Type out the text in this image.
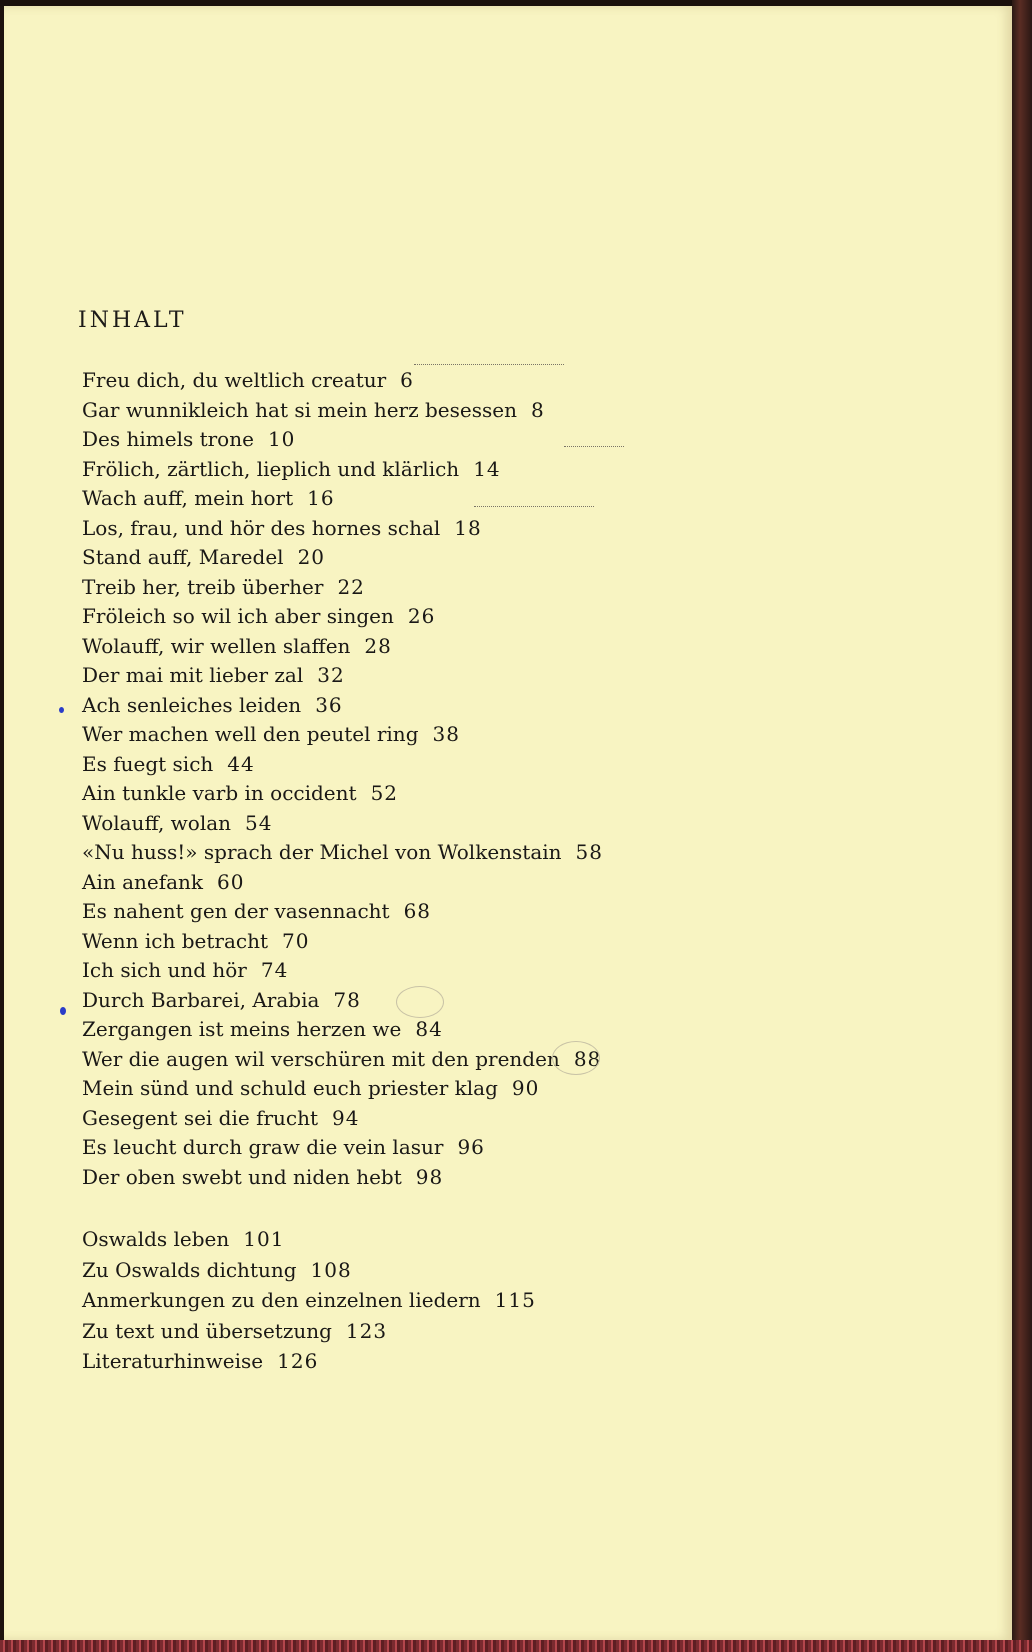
INHALT
Freu dich, du weltlich creatur 6
Gar wunnikleich hat si mein herz besessen 8
Des himels trone 10
Frölich, zärtlich, lieplich und klärlich 14
Wach auff, mein hort 16
Los, frau, und hör des hornes schal 18
Stand auff, Maredel 20
Treib her, treib überher 22
Fröleich so wil ich aber singen 26
Wolauff, wir wellen slaffen 28
Der mai mit lieber zal 32
Ach senleiches leiden 36
Wer machen well den peutel ring 38
Es fuegt sich 44
Ain tunkle varb in occident 52
Wolauff, wolan 54
«Nu huss!» sprach der Michel von Wolkenstain 58
Ain anefank 60
Es nahent gen der vasennacht 68
Wenn ich betracht 70
Ich sich und hör 74
Durch Barbarei, Arabia 78
Zergangen ist meins herzen we 84
Wer die augen wil verschüren mit den prenden 88
Mein sünd und schuld euch priester klag 90
Gesegent sei die frucht 94
Es leucht durch graw die vein lasur 96
Der oben swebt und niden hebt 98
Oswalds leben 101
Zu Oswalds dichtung 108
Anmerkungen zu den einzelnen liedern 115
Zu text und übersetzung 123
Literaturhinweise 126
